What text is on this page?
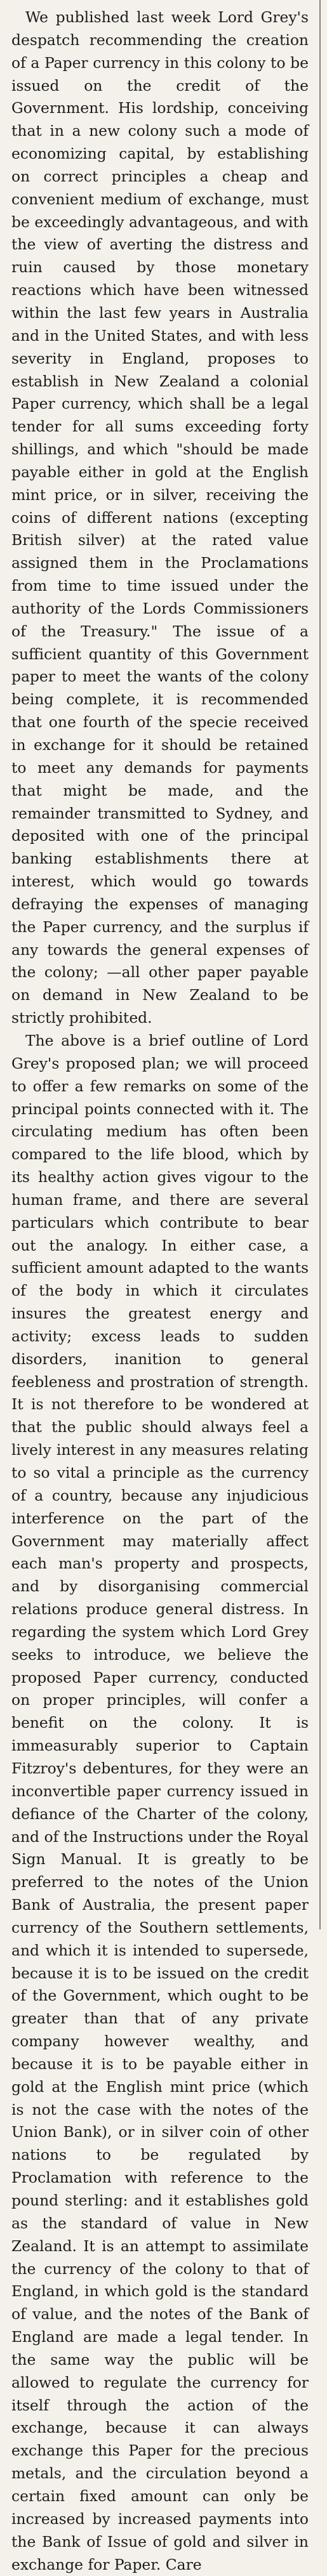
We published last week Lord Grey's despatch recommending the creation of a Paper currency in this colony to be issued on the credit of the Government. His lordship, conceiving that in a new colony such a mode of economizing capital, by establishing on correct principles a cheap and convenient medium of exchange, must be exceedingly advantageous, and with the view of averting the distress and ruin caused by those monetary reactions which have been witnessed within the last few years in Australia and in the United States, and with less severity in England, proposes to establish in New Zealand a colonial Paper currency, which shall be a legal tender for all sums exceeding forty shillings, and which "should be made payable either in gold at the English mint price, or in silver, receiving the coins of different nations (excepting British silver) at the rated value assigned them in the Proclamations from time to time issued under the authority of the Lords Commissioners of the Treasury." The issue of a sufficient quantity of this Government paper to meet the wants of the colony being complete, it is recommended that one fourth of the specie received in exchange for it should be retained to meet any demands for payments that might be made, and the remainder transmitted to Sydney, and deposited with one of the principal banking establishments there at interest, which would go towards defraying the expenses of managing the Paper currency, and the surplus if any towards the general expenses of the colony; —all other paper payable on demand in New Zealand to be strictly prohibited.

The above is a brief outline of Lord Grey's proposed plan; we will proceed to offer a few remarks on some of the principal points connected with it. The circulating medium has often been compared to the life blood, which by its healthy action gives vigour to the human frame, and there are several particulars which contribute to bear out the analogy. In either case, a sufficient amount adapted to the wants of the body in which it circulates insures the greatest energy and activity; excess leads to sudden disorders, inanition to general feebleness and prostration of strength. It is not therefore to be wondered at that the public should always feel a lively interest in any measures relating to so vital a principle as the currency of a country, because any injudicious interference on the part of the Government may materially affect each man's property and prospects, and by disorganising commercial relations produce general distress. In regarding the system which Lord Grey seeks to introduce, we believe the proposed Paper currency, conducted on proper principles, will confer a benefit on the colony. It is immeasurably superior to Captain Fitzroy's debentures, for they were an inconvertible paper currency issued in defiance of the Charter of the colony, and of the Instructions under the Royal Sign Manual. It is greatly to be preferred to the notes of the Union Bank of Australia, the present paper currency of the Southern settlements, and which it is intended to supersede, because it is to be issued on the credit of the Government, which ought to be greater than that of any private company however wealthy, and because it is to be payable either in gold at the English mint price (which is not the case with the notes of the Union Bank), or in silver coin of other nations to be regulated by Proclamation with reference to the pound sterling: and it establishes gold as the standard of value in New Zealand. It is an attempt to assimilate the currency of the colony to that of England, in which gold is the standard of value, and the notes of the Bank of England are made a legal tender. In the same way the public will be allowed to regulate the currency for itself through the action of the exchange, because it can always exchange this Paper for the precious metals, and the circulation beyond a certain fixed amount can only be increased by increased payments into the Bank of Issue of gold and silver in exchange for Paper. Care
